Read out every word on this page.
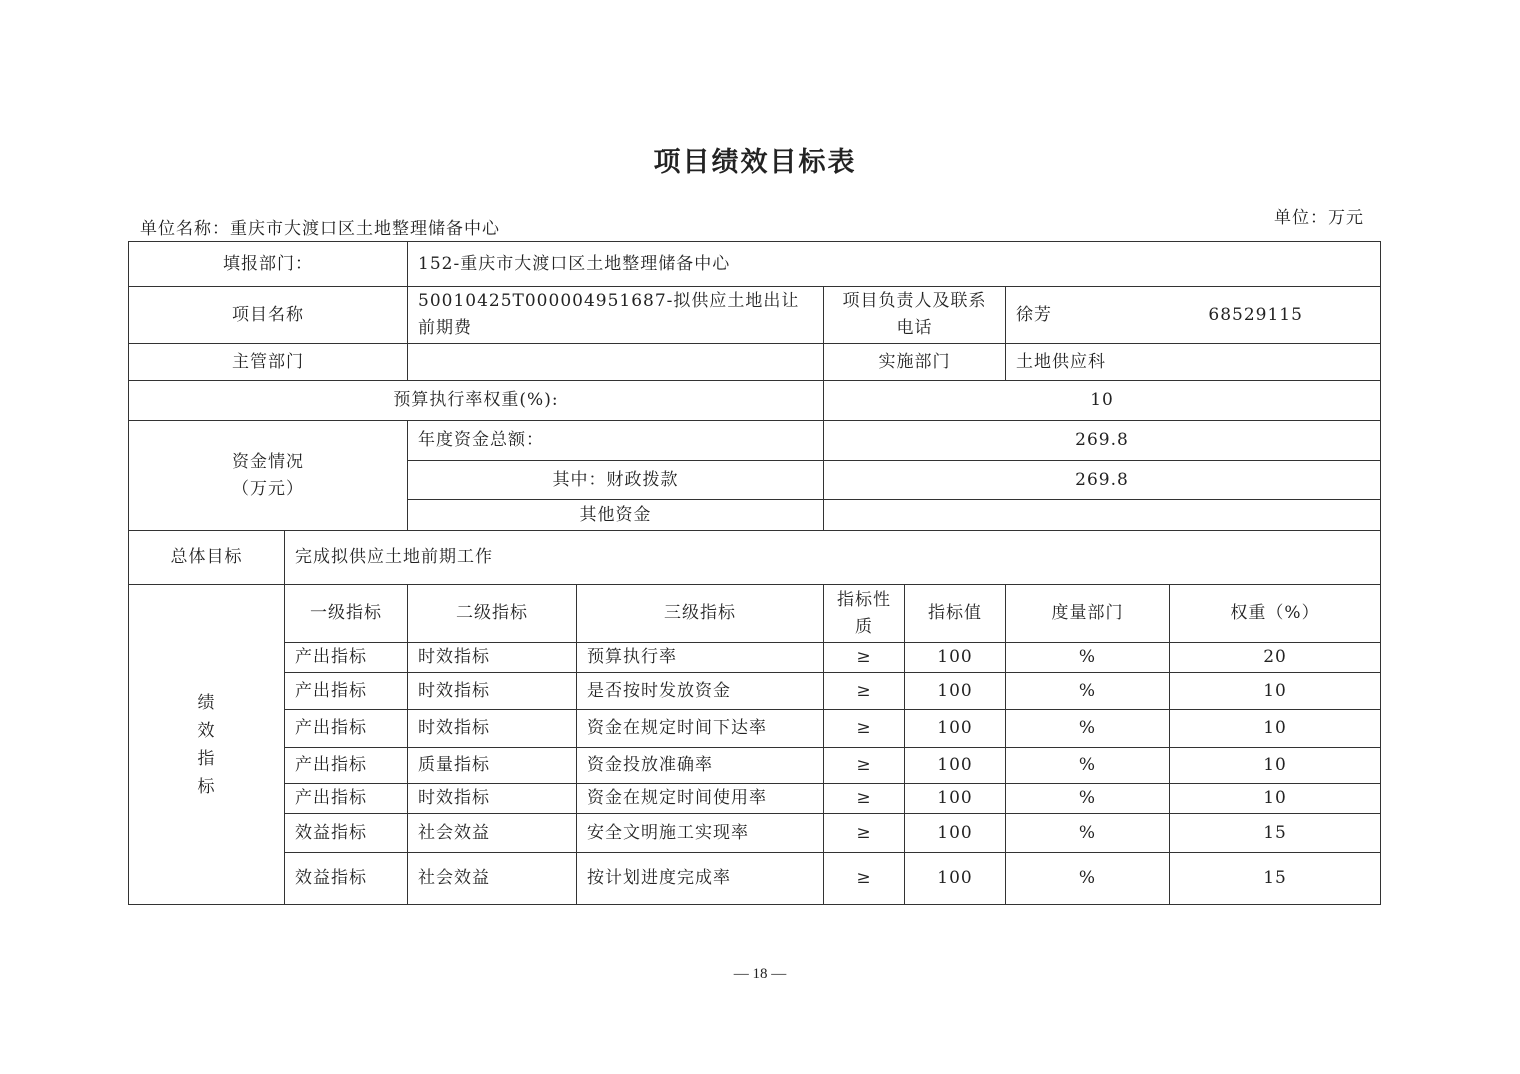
项目绩效目标表
单位名称：重庆市大渡口区土地整理储备中心
单位：万元
填报部门：		152-重庆市大渡口区土地整理储备中心					
项目名称		50010425T000004951687-拟供应土地出让前期费		项目负责人及联系电话		徐芳 68529115	
主管部门				实施部门		土地供应科	
预算执行率权重(%):				10			

资金情况
（万元）		年度资金总额：		269.8			
		其中：财政拨款		269.8			
		其他资金					
总体目标	完成拟供应土地前期工作						

绩
效
指
标	一级指标	二级指标	三级指标	指标性质	指标值	度量部门	权重（%）
	产出指标	时效指标	预算执行率	≥	100	%	20
	产出指标	时效指标	是否按时发放资金	≥	100	%	10
	产出指标	时效指标	资金在规定时间下达率	≥	100	%	10
	产出指标	质量指标	资金投放准确率	≥	100	%	10
	产出指标	时效指标	资金在规定时间使用率	≥	100	%	10
	效益指标	社会效益	安全文明施工实现率	≥	100	%	15
	效益指标	社会效益	按计划进度完成率	≥	100	%	15
— 18 —
